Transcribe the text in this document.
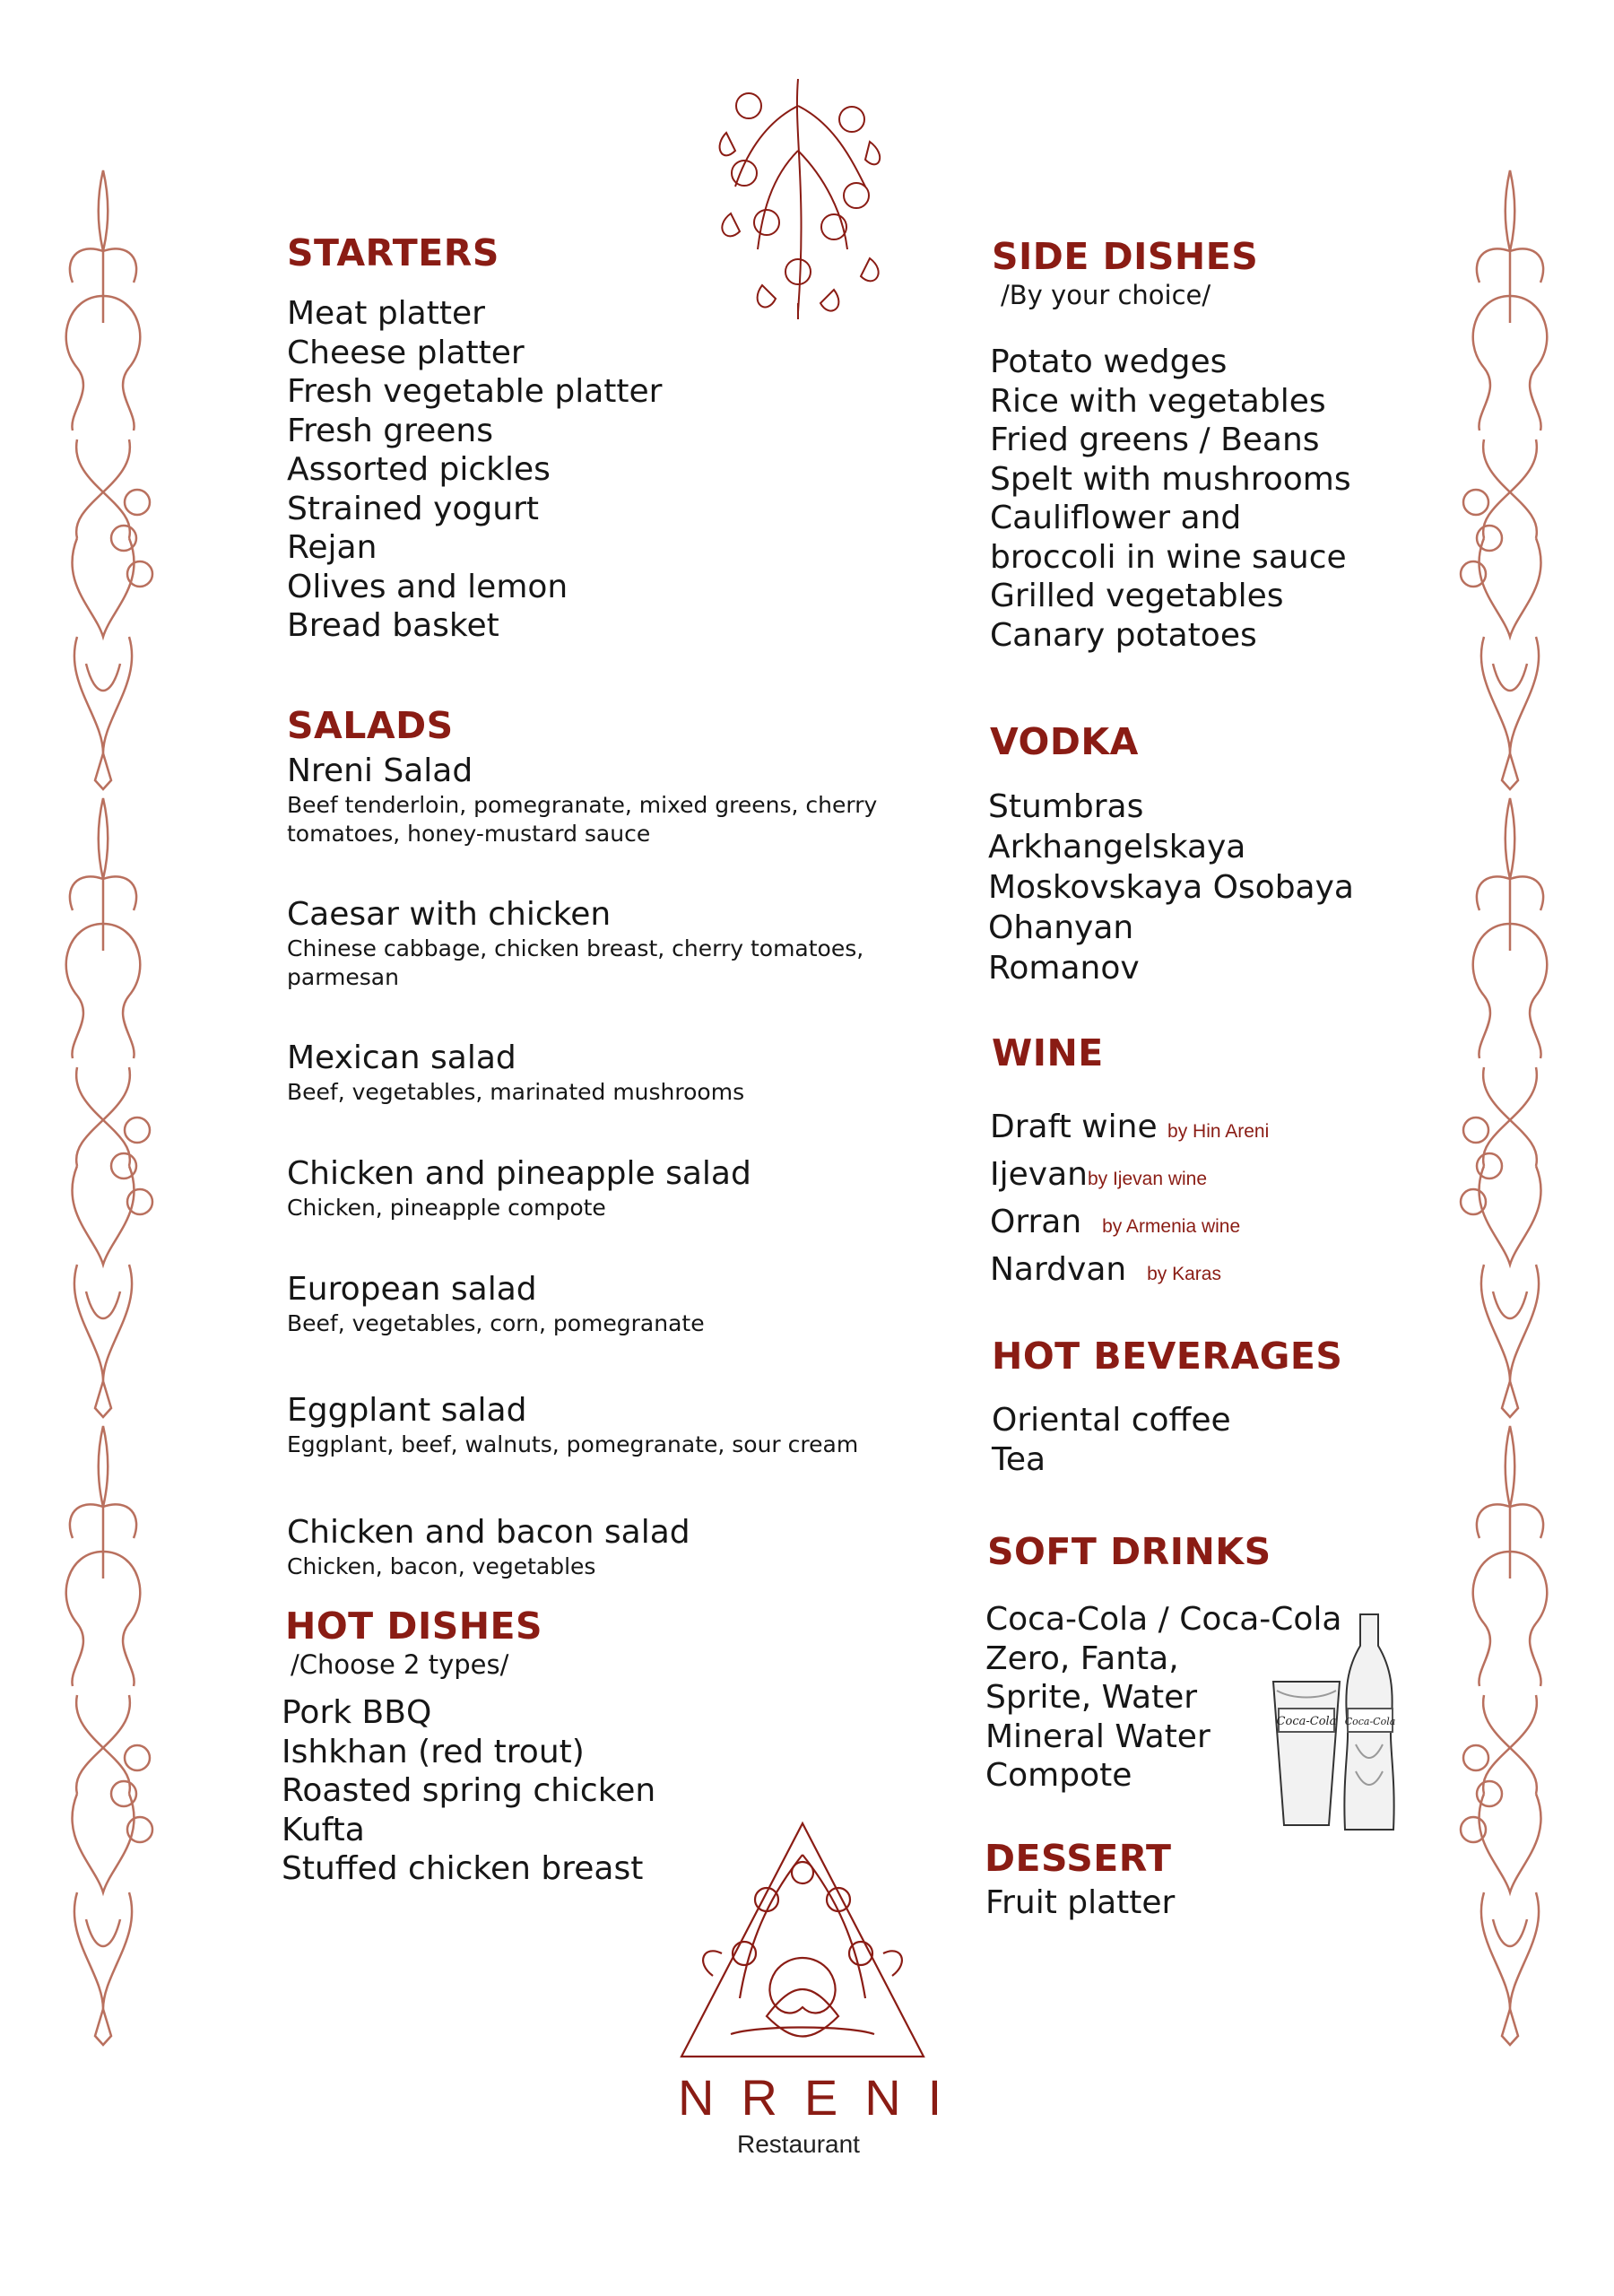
STARTERS
Meat platter
Cheese platter
Fresh vegetable platter
Fresh greens
Assorted pickles
Strained yogurt
Rejan
Olives and lemon
Bread basket
SALADS
Nreni Salad
Beef tenderloin, pomegranate, mixed greens, cherry
tomatoes, honey-mustard sauce
Caesar with chicken
Chinese cabbage, chicken breast, cherry tomatoes,
parmesan
Mexican salad
Beef, vegetables, marinated mushrooms
Chicken and pineapple salad
Chicken, pineapple compote
European salad
Beef, vegetables, corn, pomegranate
Eggplant salad
Eggplant, beef, walnuts, pomegranate, sour cream
Chicken and bacon salad
Chicken, bacon, vegetables
HOT DISHES
/Choose 2 types/
Pork BBQ
Ishkhan (red trout)
Roasted spring chicken
Kufta
Stuffed chicken breast
SIDE DISHES
/By your choice/
Potato wedges
Rice with vegetables
Fried greens / Beans
Spelt with mushrooms
Cauliflower and
broccoli in wine sauce
Grilled vegetables
Canary potatoes
VODKA
Stumbras
Arkhangelskaya
Moskovskaya Osobaya
Ohanyan
Romanov
WINE
Draft wine by Hin Areni
Ijevanby Ijevan wine
Orran by Armenia wine
Nardvan by Karas
HOT BEVERAGES
Oriental coffee
Tea
SOFT DRINKS
Coca-Cola / Coca-Cola
Zero, Fanta,
Sprite, Water
Mineral Water
Compote
Coca-Cola Coca-Cola
DESSERT
Fruit platter
NRENI
Restaurant
